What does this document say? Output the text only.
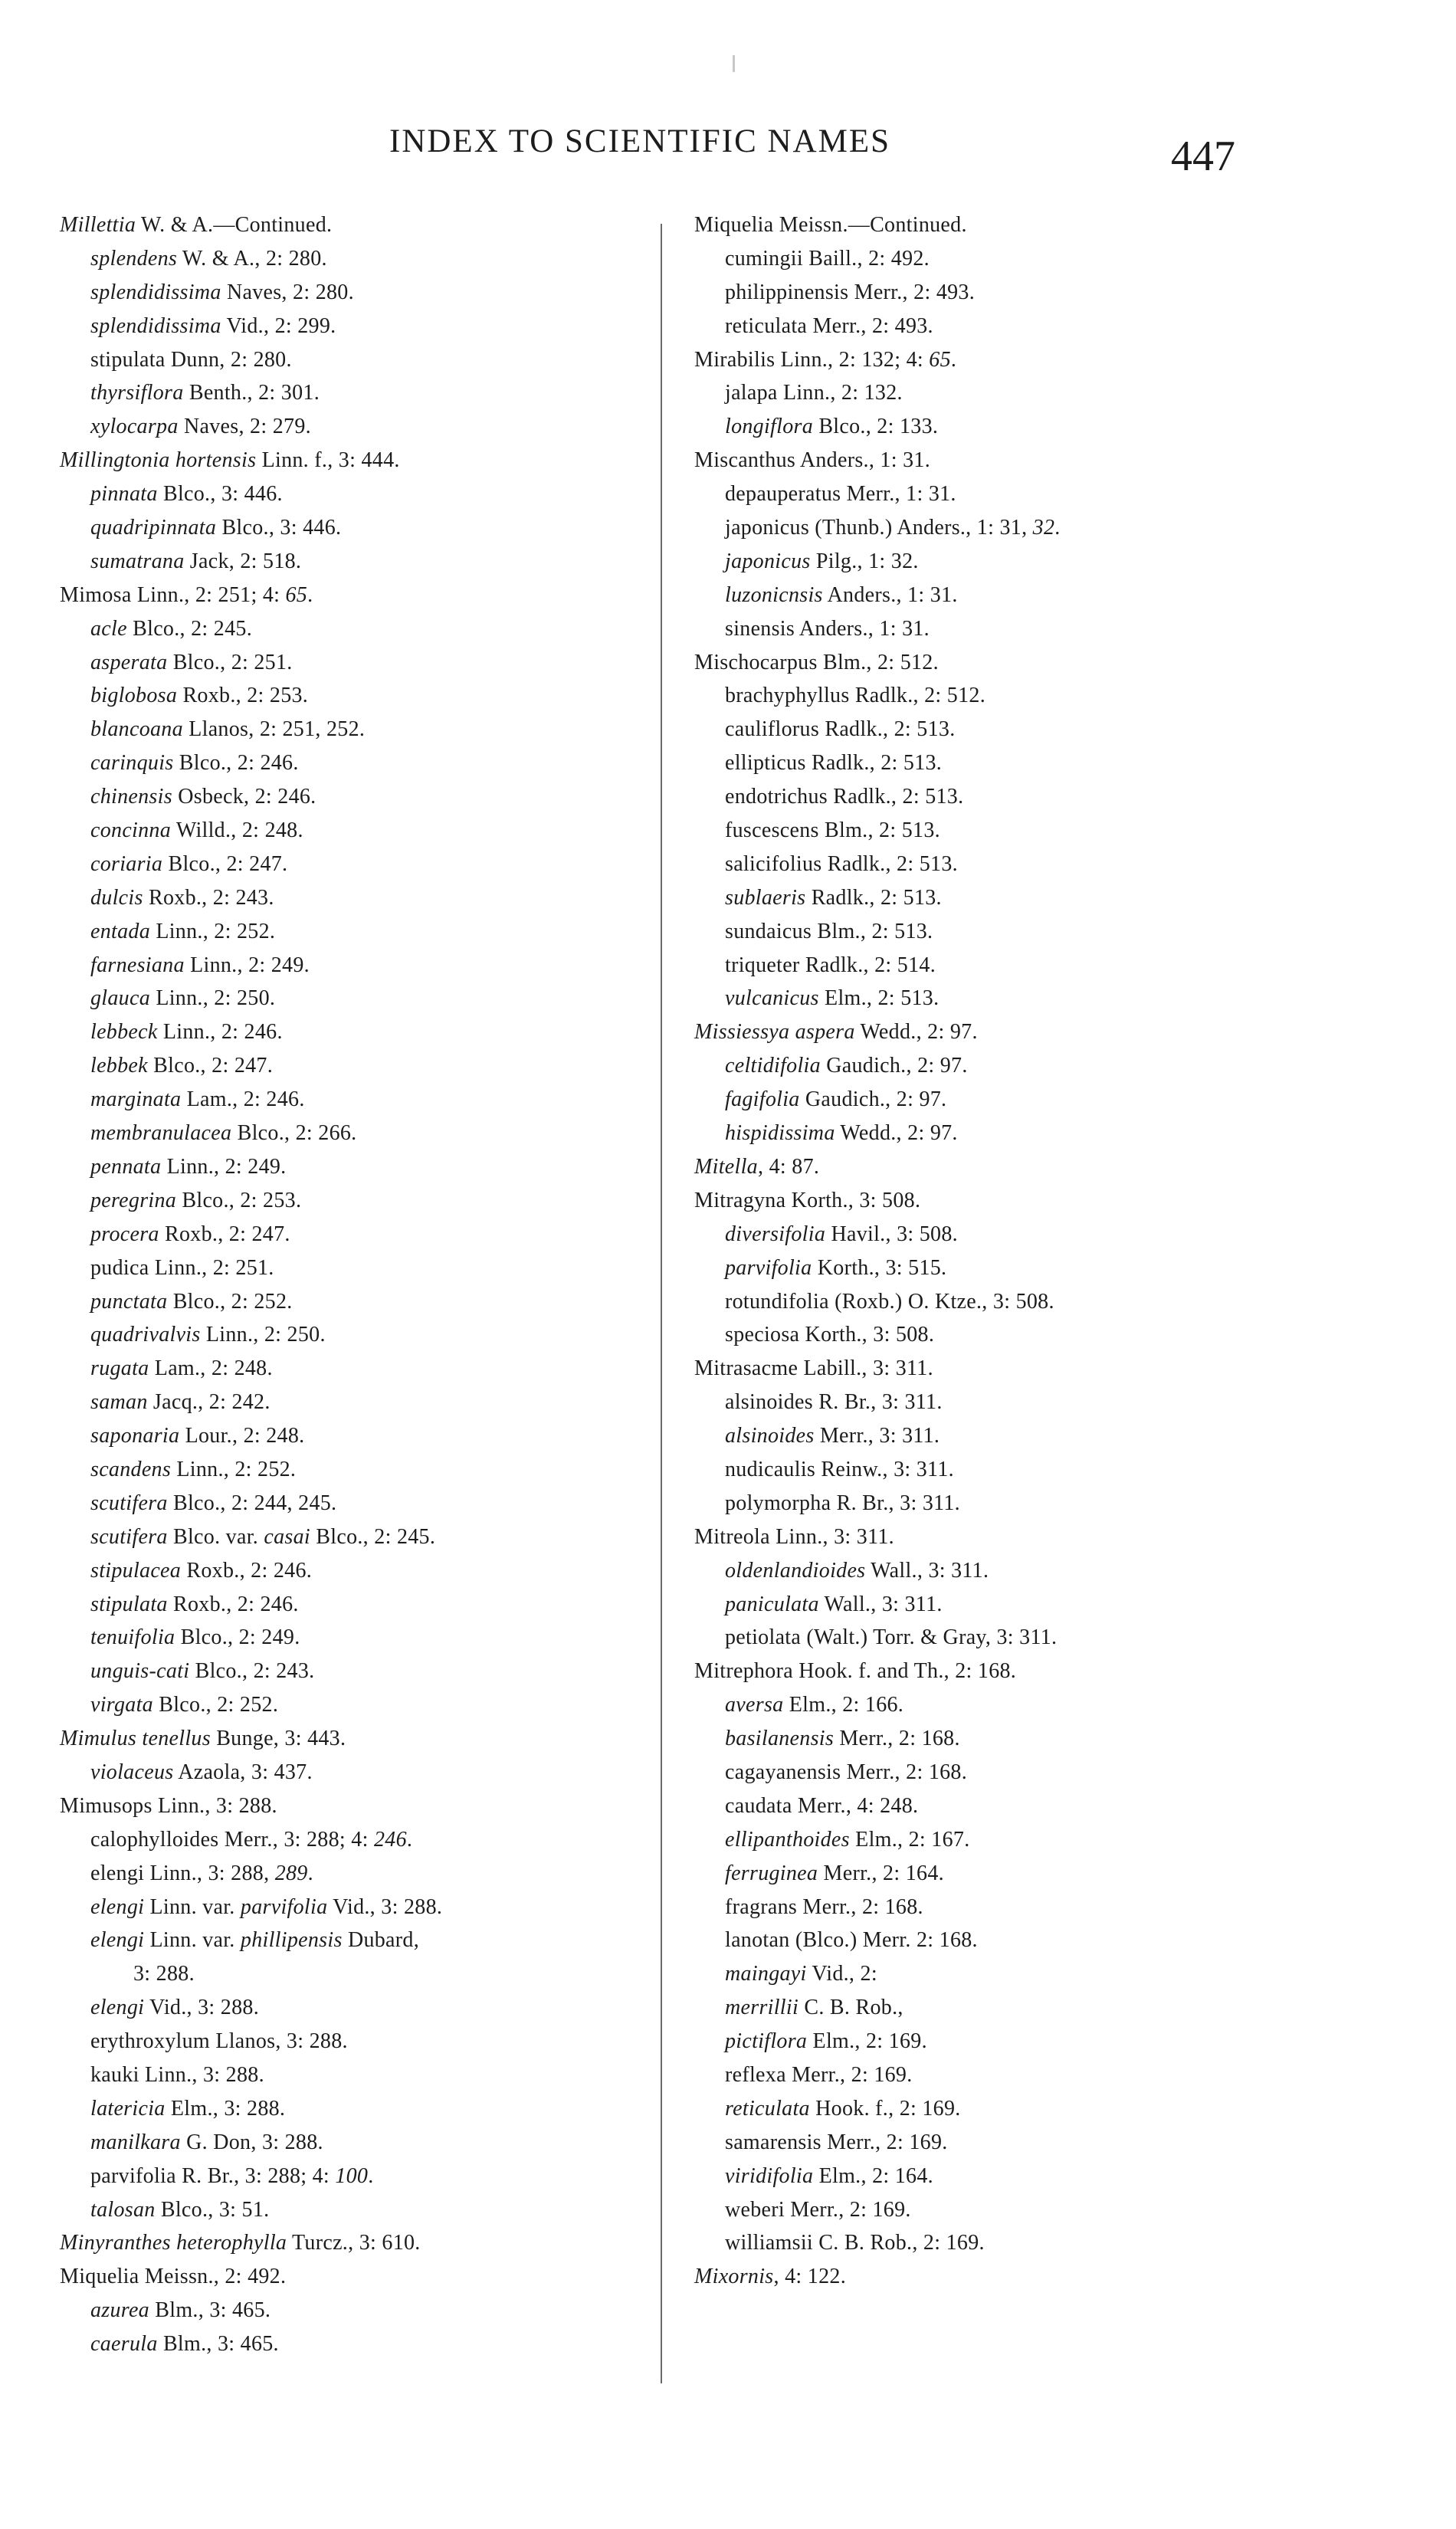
INDEX TO SCIENTIFIC NAMES	447
Millettia W. & A.—Continued.
splendens W. & A., 2: 280.
splendidissima Naves, 2: 280.
splendidissima Vid., 2: 299.
stipulata Dunn, 2: 280.
thyrsiflora Benth., 2: 301.
xylocarpa Naves, 2: 279.
Millingtonia hortensis Linn. f., 3: 444.
pinnata Blco., 3: 446.
quadripinnata Blco., 3: 446.
sumatrana Jack, 2: 518.
Mimosa Linn., 2: 251; 4: 65.
acle Blco., 2: 245.
asperata Blco., 2: 251.
biglobosa Roxb., 2: 253.
blancoana Llanos, 2: 251, 252.
carinquis Blco., 2: 246.
chinensis Osbeck, 2: 246.
concinna Willd., 2: 248.
coriaria Blco., 2: 247.
dulcis Roxb., 2: 243.
entada Linn., 2: 252.
farnesiana Linn., 2: 249.
glauca Linn., 2: 250.
lebbeck Linn., 2: 246.
lebbek Blco., 2: 247.
marginata Lam., 2: 246.
membranulacea Blco., 2: 266.
pennata Linn., 2: 249.
peregrina Blco., 2: 253.
procera Roxb., 2: 247.
pudica Linn., 2: 251.
punctata Blco., 2: 252.
quadrivalvis Linn., 2: 250.
rugata Lam., 2: 248.
saman Jacq., 2: 242.
saponaria Lour., 2: 248.
scandens Linn., 2: 252.
scutifera Blco., 2: 244, 245.
scutifera Blco. var. casai Blco., 2: 245.
stipulacea Roxb., 2: 246.
stipulata Roxb., 2: 246.
tenuifolia Blco., 2: 249.
unguis-cati Blco., 2: 243.
virgata Blco., 2: 252.
Mimulus tenellus Bunge, 3: 443.
violaceus Azaola, 3: 437.
Mimusops Linn., 3: 288.
calophylloides Merr., 3: 288; 4: 246.
elengi Linn., 3: 288, 289.
elengi Linn. var. parvifolia Vid., 3: 288.
elengi Linn. var. phillipensis Dubard,
3: 288.
elengi Vid., 3: 288.
erythroxylum Llanos, 3: 288.
kauki Linn., 3: 288.
latericia Elm., 3: 288.
manilkara G. Don, 3: 288.
parvifolia R. Br., 3: 288; 4: 100.
talosan Blco., 3: 51.
Minyranthes heterophylla Turcz., 3: 610.
Miquelia Meissn., 2: 492.
azurea Blm., 3: 465.
caerula Blm., 3: 465.
Miquelia Meissn.—Continued.
cumingii Baill., 2: 492.
philippinensis Merr., 2: 493.
reticulata Merr., 2: 493.
Mirabilis Linn., 2: 132; 4: 65.
jalapa Linn., 2: 132.
longiflora Blco., 2: 133.
Miscanthus Anders., 1: 31.
depauperatus Merr., 1: 31.
japonicus (Thunb.) Anders., 1: 31, 32.
japonicus Pilg., 1: 32.
luzonicnsis Anders., 1: 31.
sinensis Anders., 1: 31.
Mischocarpus Blm., 2: 512.
brachyphyllus Radlk., 2: 512.
cauliflorus Radlk., 2: 513.
ellipticus Radlk., 2: 513.
endotrichus Radlk., 2: 513.
fuscescens Blm., 2: 513.
salicifolius Radlk., 2: 513.
sublaeris Radlk., 2: 513.
sundaicus Blm., 2: 513.
triqueter Radlk., 2: 514.
vulcanicus Elm., 2: 513.
Missiessya aspera Wedd., 2: 97.
celtidifolia Gaudich., 2: 97.
fagifolia Gaudich., 2: 97.
hispidissima Wedd., 2: 97.
Mitella, 4: 87.
Mitragyna Korth., 3: 508.
diversifolia Havil., 3: 508.
parvifolia Korth., 3: 515.
rotundifolia (Roxb.) O. Ktze., 3: 508.
speciosa Korth., 3: 508.
Mitrasacme Labill., 3: 311.
alsinoides R. Br., 3: 311.
alsinoides Merr., 3: 311.
nudicaulis Reinw., 3: 311.
polymorpha R. Br., 3: 311.
Mitreola Linn., 3: 311.
oldenlandioides Wall., 3: 311.
paniculata Wall., 3: 311.
petiolata (Walt.) Torr. & Gray, 3: 311.
Mitrephora Hook. f. and Th., 2: 168.
aversa Elm., 2: 166.
basilanensis Merr., 2: 168.
cagayanensis Merr., 2: 168.
caudata Merr., 4: 248.
ellipanthoides Elm., 2: 167.
ferruginea Merr., 2: 164.
fragrans Merr., 2: 168.
lanotan (Blco.) Merr. 2: 168.
maingayi Vid., 2:
merrillii C. B. Rob.,
pictiflora Elm., 2: 169.
reflexa Merr., 2: 169.
reticulata Hook. f., 2: 169.
samarensis Merr., 2: 169.
viridifolia Elm., 2: 164.
weberi Merr., 2: 169.
williamsii C. B. Rob., 2: 169.
Mixornis, 4: 122.
